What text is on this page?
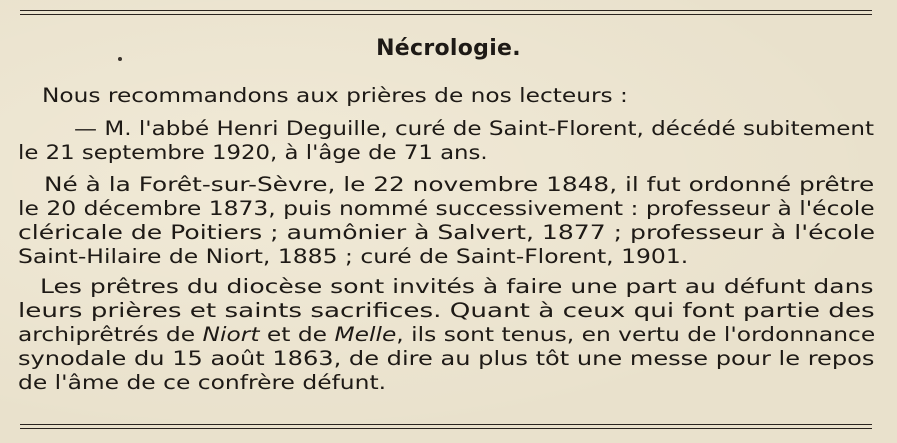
Nécrologie.
Nous recommandons aux prières de nos lecteurs :
— M. l'abbé Henri Deguille, curé de Saint-Florent, décédé subitement
le 21 septembre 1920, à l'âge de 71 ans.
Né à la Forêt-sur-Sèvre, le 22 novembre 1848, il fut ordonné prêtre
le 20 décembre 1873, puis nommé successivement : professeur à l'école
cléricale de Poitiers ; aumônier à Salvert, 1877 ; professeur à l'école
Saint-Hilaire de Niort, 1885 ; curé de Saint-Florent, 1901.
Les prêtres du diocèse sont invités à faire une part au défunt dans
leurs prières et saints sacrifices. Quant à ceux qui font partie des
archiprêtrés de Niort et de Melle, ils sont tenus, en vertu de l'ordonnance
synodale du 15 août 1863, de dire au plus tôt une messe pour le repos
de l'âme de ce confrère défunt.
